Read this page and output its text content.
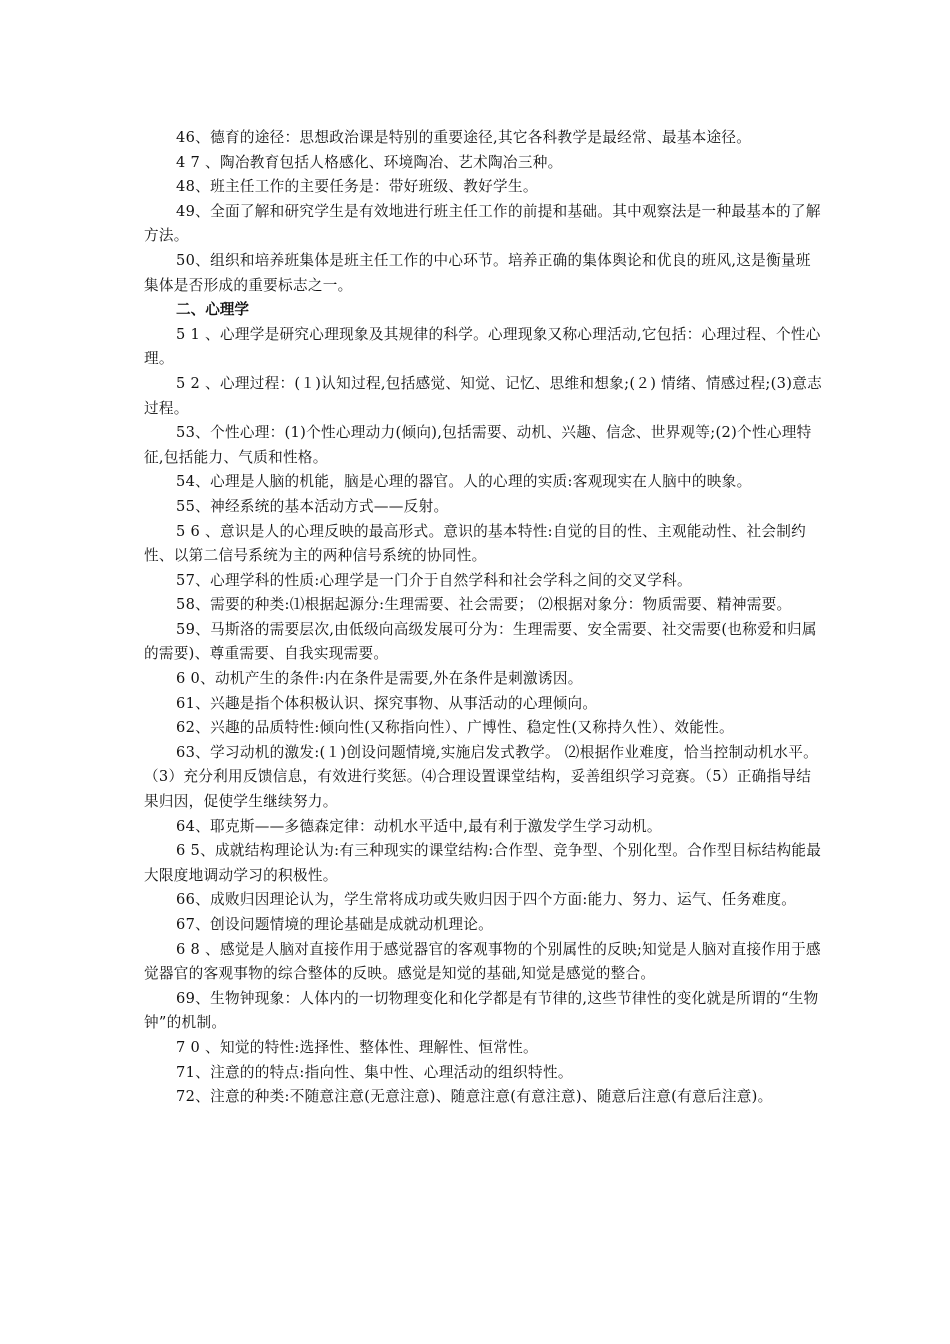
46、德育的途径：思想政治课是特别的重要途径,其它各科教学是最经常、最基本途径。

4 7 、陶冶教育包括人格感化、环境陶冶、艺术陶冶三种。

48、班主任工作的主要任务是：带好班级、教好学生。

49、全面了解和研究学生是有效地进行班主任工作的前提和基础。其中观察法是一种最基本的了解方法。

50、组织和培养班集体是班主任工作的中心环节。培养正确的集体舆论和优良的班风,这是衡量班集体是否形成的重要标志之一。

二、心理学

5 1 、心理学是研究心理现象及其规律的科学。心理现象又称心理活动,它包括：心理过程、个性心理。

5 2 、心理过程：(１)认知过程,包括感觉、知觉、记忆、思维和想象;(２) 情绪、情感过程;(3)意志过程。

53、个性心理：(1)个性心理动力(倾向),包括需要、动机、兴趣、信念、世界观等;(2)个性心理特征,包括能力、气质和性格。

54、心理是人脑的机能，脑是心理的器官。人的心理的实质:客观现实在人脑中的映象。

55、神经系统的基本活动方式——反射。

5 6 、意识是人的心理反映的最高形式。意识的基本特性:自觉的目的性、主观能动性、社会制约性、以第二信号系统为主的两种信号系统的协同性。

57、心理学科的性质:心理学是一门介于自然学科和社会学科之间的交叉学科。

58、需要的种类:⑴根据起源分:生理需要、社会需要； ⑵根据对象分：物质需要、精神需要。

59、马斯洛的需要层次,由低级向高级发展可分为：生理需要、安全需要、社交需要(也称爱和归属的需要)、尊重需要、自我实现需要。

6 0、动机产生的条件:内在条件是需要,外在条件是刺激诱因。

61、兴趣是指个体积极认识、探究事物、从事活动的心理倾向。

62、兴趣的品质特性:倾向性(又称指向性）、广博性、稳定性(又称持久性）、效能性。

63、学习动机的激发:(１)创设问题情境,实施启发式教学。 ⑵根据作业难度，恰当控制动机水平。（3）充分利用反馈信息，有效进行奖惩。⑷合理设置课堂结构，妥善组织学习竞赛。（5）正确指导结果归因，促使学生继续努力。

64、耶克斯——多德森定律：动机水平适中,最有利于激发学生学习动机。

6 5、成就结构理论认为:有三种现实的课堂结构:合作型、竞争型、个别化型。合作型目标结构能最大限度地调动学习的积极性。

66、成败归因理论认为，学生常将成功或失败归因于四个方面:能力、努力、运气、任务难度。

67、创设问题情境的理论基础是成就动机理论。

6 8 、感觉是人脑对直接作用于感觉器官的客观事物的个别属性的反映;知觉是人脑对直接作用于感觉器官的客观事物的综合整体的反映。感觉是知觉的基础,知觉是感觉的整合。

69、生物钟现象：人体内的一切物理变化和化学都是有节律的,这些节律性的变化就是所谓的“生物钟”的机制。

7 0 、知觉的特性:选择性、整体性、理解性、恒常性。

71、注意的的特点:指向性、集中性、心理活动的组织特性。

72、注意的种类:不随意注意(无意注意)、随意注意(有意注意)、随意后注意(有意后注意)。
